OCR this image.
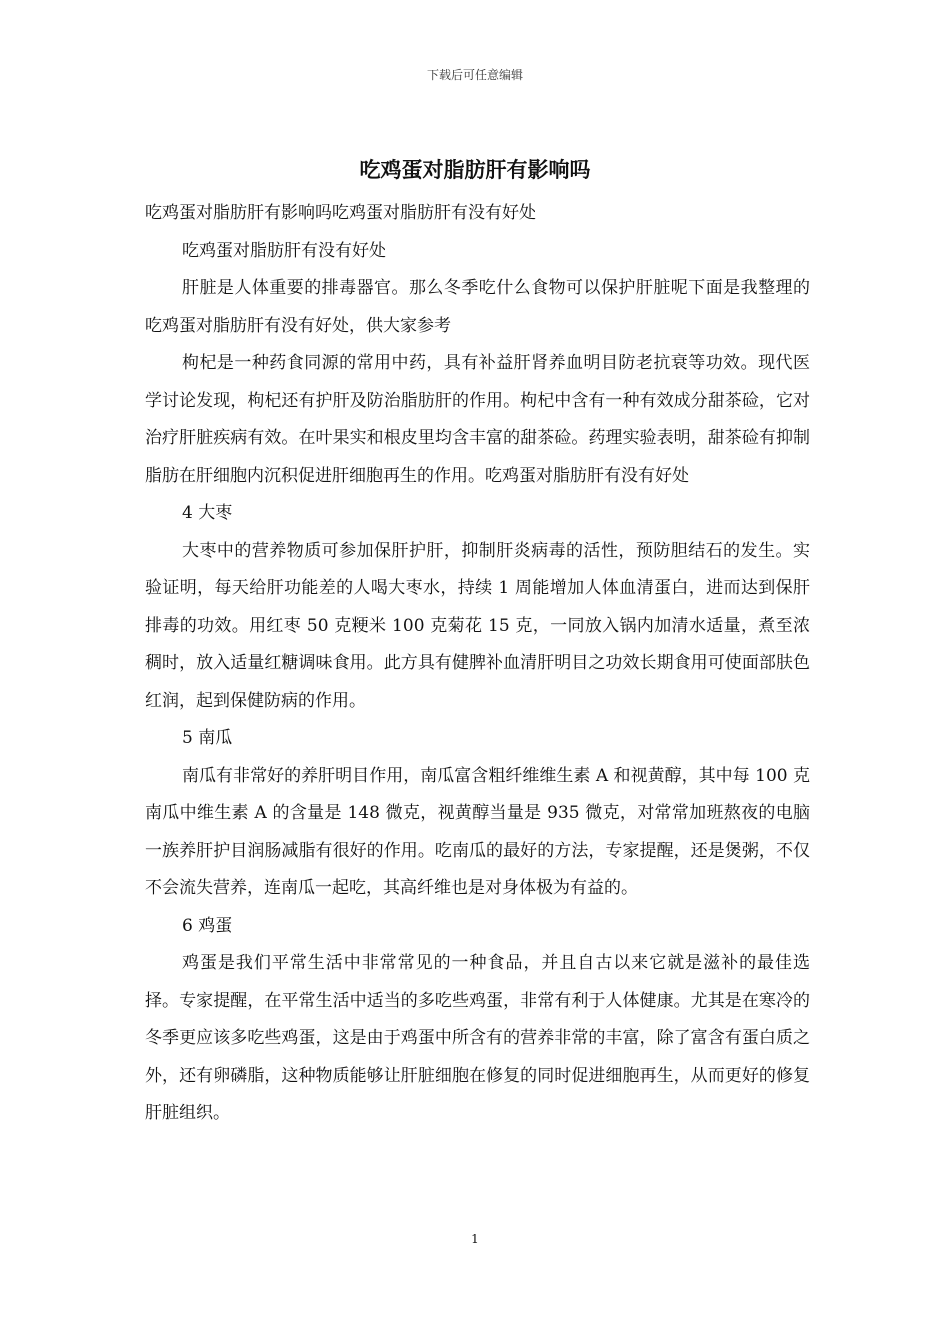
下载后可任意编辑
吃鸡蛋对脂肪肝有影响吗

吃鸡蛋对脂肪肝有影响吗吃鸡蛋对脂肪肝有没有好处

吃鸡蛋对脂肪肝有没有好处

肝脏是人体重要的排毒器官。那么冬季吃什么食物可以保护肝脏呢下面是我整理的吃鸡蛋对脂肪肝有没有好处，供大家参考

枸杞是一种药食同源的常用中药，具有补益肝肾养血明目防老抗衰等功效。现代医学讨论发现，枸杞还有护肝及防治脂肪肝的作用。枸杞中含有一种有效成分甜茶硷，它对治疗肝脏疾病有效。在叶果实和根皮里均含丰富的甜茶硷。药理实验表明，甜茶硷有抑制脂肪在肝细胞内沉积促进肝细胞再生的作用。吃鸡蛋对脂肪肝有没有好处

4 大枣

大枣中的营养物质可参加保肝护肝，抑制肝炎病毒的活性，预防胆结石的发生。实验证明，每天给肝功能差的人喝大枣水，持续 1 周能增加人体血清蛋白，进而达到保肝排毒的功效。用红枣 50 克粳米 100 克菊花 15 克，一同放入锅内加清水适量，煮至浓稠时，放入适量红糖调味食用。此方具有健脾补血清肝明目之功效长期食用可使面部肤色红润，起到保健防病的作用。

5 南瓜

南瓜有非常好的养肝明目作用，南瓜富含粗纤维维生素 A 和视黄醇，其中每 100 克南瓜中维生素 A 的含量是 148 微克，视黄醇当量是 935 微克，对常常加班熬夜的电脑一族养肝护目润肠减脂有很好的作用。吃南瓜的最好的方法，专家提醒，还是煲粥，不仅不会流失营养，连南瓜一起吃，其高纤维也是对身体极为有益的。

6 鸡蛋

鸡蛋是我们平常生活中非常常见的一种食品，并且自古以来它就是滋补的最佳选择。专家提醒，在平常生活中适当的多吃些鸡蛋，非常有利于人体健康。尤其是在寒冷的冬季更应该多吃些鸡蛋，这是由于鸡蛋中所含有的营养非常的丰富，除了富含有蛋白质之外，还有卵磷脂，这种物质能够让肝脏细胞在修复的同时促进细胞再生，从而更好的修复肝脏组织。

1
